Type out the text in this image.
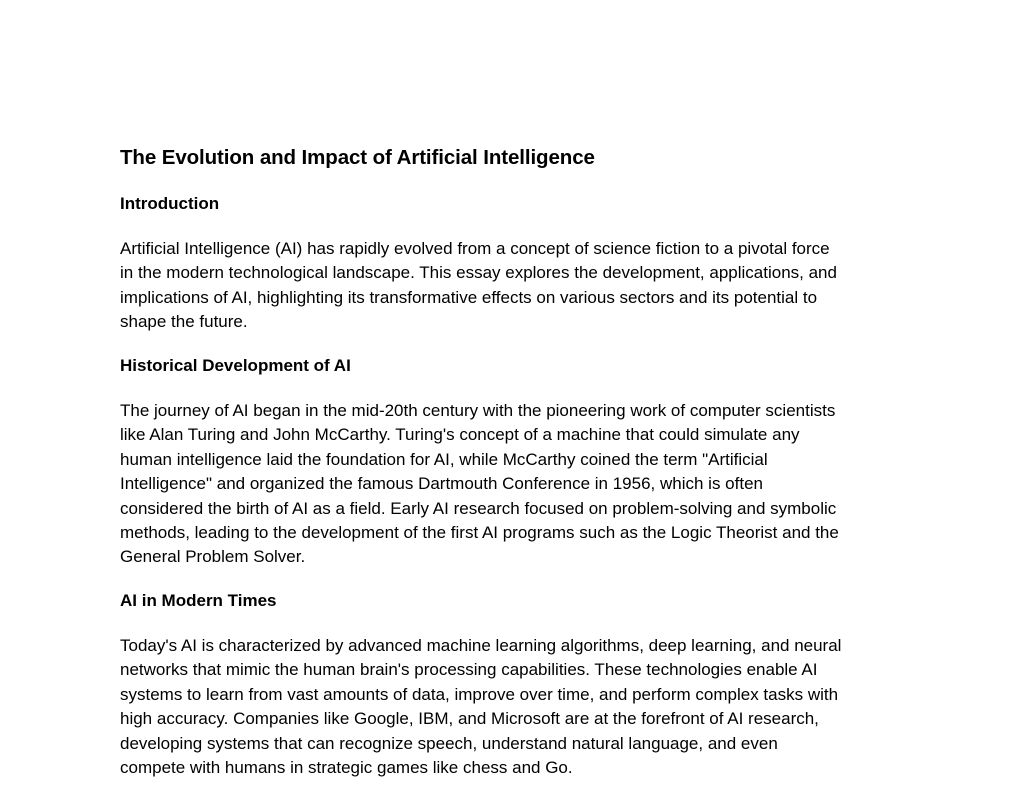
The Evolution and Impact of Artificial Intelligence
Introduction
Artificial Intelligence (AI) has rapidly evolved from a concept of science fiction to a pivotal force
in the modern technological landscape. This essay explores the development, applications, and
implications of AI, highlighting its transformative effects on various sectors and its potential to
shape the future.
Historical Development of AI
The journey of AI began in the mid-20th century with the pioneering work of computer scientists
like Alan Turing and John McCarthy. Turing's concept of a machine that could simulate any
human intelligence laid the foundation for AI, while McCarthy coined the term "Artificial
Intelligence" and organized the famous Dartmouth Conference in 1956, which is often
considered the birth of AI as a field. Early AI research focused on problem-solving and symbolic
methods, leading to the development of the first AI programs such as the Logic Theorist and the
General Problem Solver.
AI in Modern Times
Today's AI is characterized by advanced machine learning algorithms, deep learning, and neural
networks that mimic the human brain's processing capabilities. These technologies enable AI
systems to learn from vast amounts of data, improve over time, and perform complex tasks with
high accuracy. Companies like Google, IBM, and Microsoft are at the forefront of AI research,
developing systems that can recognize speech, understand natural language, and even
compete with humans in strategic games like chess and Go.
